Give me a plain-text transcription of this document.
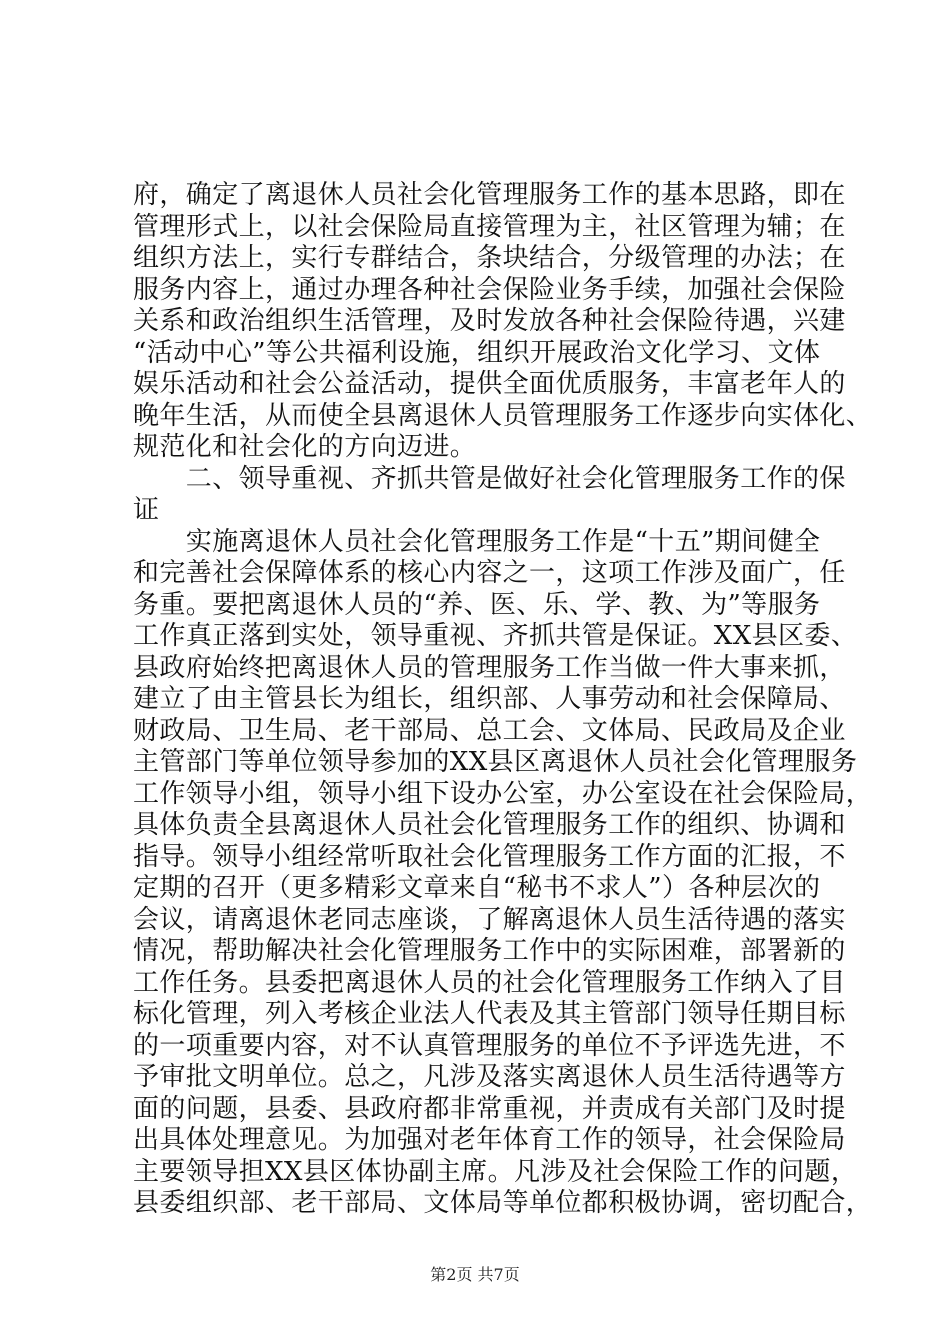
府，确定了离退休人员社会化管理服务工作的基本思路，即在
管理形式上，以社会保险局直接管理为主，社区管理为辅；在
组织方法上，实行专群结合，条块结合，分级管理的办法；在
服务内容上，通过办理各种社会保险业务手续，加强社会保险
关系和政治组织生活管理，及时发放各种社会保险待遇，兴建
“活动中心”等公共福利设施，组织开展政治文化学习、文体
娱乐活动和社会公益活动，提供全面优质服务，丰富老年人的
晚年生活，从而使全县离退休人员管理服务工作逐步向实体化、
规范化和社会化的方向迈进。
　　二、领导重视、齐抓共管是做好社会化管理服务工作的保
证
　　实施离退休人员社会化管理服务工作是“十五”期间健全
和完善社会保障体系的核心内容之一，这项工作涉及面广，任
务重。要把离退休人员的“养、医、乐、学、教、为”等服务
工作真正落到实处，领导重视、齐抓共管是保证。XX县区委、
县政府始终把离退休人员的管理服务工作当做一件大事来抓，
建立了由主管县长为组长，组织部、人事劳动和社会保障局、
财政局、卫生局、老干部局、总工会、文体局、民政局及企业
主管部门等单位领导参加的XX县区离退休人员社会化管理服务
工作领导小组，领导小组下设办公室，办公室设在社会保险局，
具体负责全县离退休人员社会化管理服务工作的组织、协调和
指导。领导小组经常听取社会化管理服务工作方面的汇报，不
定期的召开（更多精彩文章来自“秘书不求人”）各种层次的
会议，请离退休老同志座谈，了解离退休人员生活待遇的落实
情况，帮助解决社会化管理服务工作中的实际困难，部署新的
工作任务。县委把离退休人员的社会化管理服务工作纳入了目
标化管理，列入考核企业法人代表及其主管部门领导任期目标
的一项重要内容，对不认真管理服务的单位不予评选先进，不
予审批文明单位。总之，凡涉及落实离退休人员生活待遇等方
面的问题，县委、县政府都非常重视，并责成有关部门及时提
出具体处理意见。为加强对老年体育工作的领导，社会保险局
主要领导担XX县区体协副主席。凡涉及社会保险工作的问题，
县委组织部、老干部局、文体局等单位都积极协调，密切配合，
第2页 共7页
